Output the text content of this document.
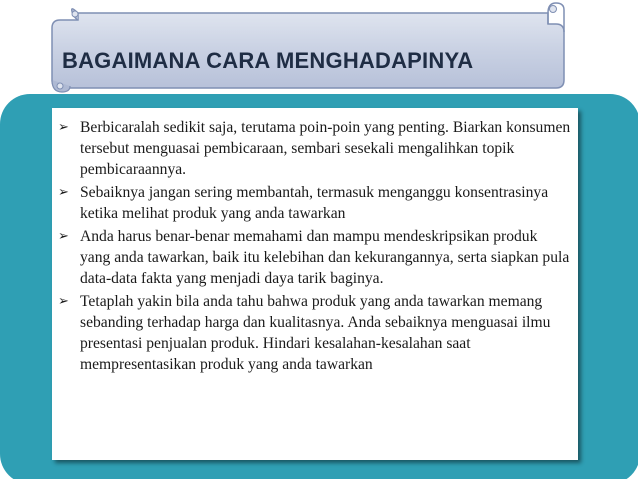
BAGAIMANA CARA MENGHADAPINYA
➢ Berbicaralah sedikit saja, terutama poin-poin yang penting. Biarkan konsumen tersebut menguasai pembicaraan, sembari sesekali mengalihkan topik pembicaraannya.
➢ Sebaiknya jangan sering membantah, termasuk menganggu konsentrasinya ketika melihat produk yang anda tawarkan
➢ Anda harus benar-benar memahami dan mampu mendeskripsikan produk yang anda tawarkan, baik itu kelebihan dan kekurangannya, serta siapkan pula data-data fakta yang menjadi daya tarik baginya.
➢ Tetaplah yakin bila anda tahu bahwa produk yang anda tawarkan memang sebanding terhadap harga dan kualitasnya. Anda sebaiknya menguasai ilmu presentasi penjualan produk. Hindari kesalahan-kesalahan saat mempresentasikan produk yang anda tawarkan
